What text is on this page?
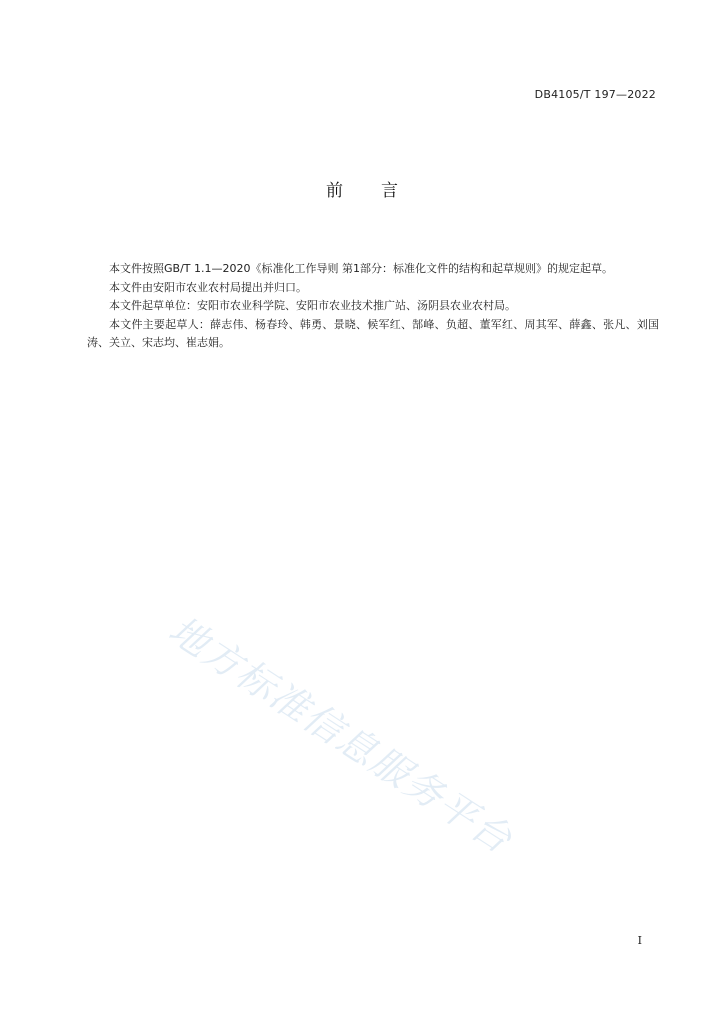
DB4105/T 197—2022
前 言

本文件按照GB/T 1.1—2020《标准化工作导则 第1部分：标准化文件的结构和起草规则》的规定起草。

本文件由安阳市农业农村局提出并归口。

本文件起草单位：安阳市农业科学院、安阳市农业技术推广站、汤阴县农业农村局。

本文件主要起草人：薛志伟、杨春玲、韩勇、景晓、候军红、郜峰、负超、董军红、周其军、薛鑫、张凡、刘国涛、关立、宋志均、崔志娟。

地方标准信息服务平台
I
